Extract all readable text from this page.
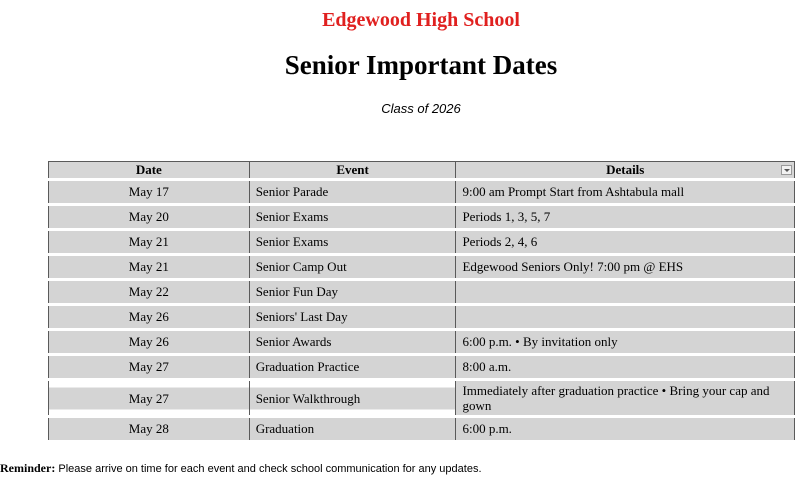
Edgewood High School
Senior Important Dates
Class of 2026
Date	Event	Details

May 17	Senior Parade	9:00 am Prompt Start from Ashtabula mall
May 20	Senior Exams	Periods 1, 3, 5, 7
May 21	Senior Exams	Periods 2, 4, 6
May 21	Senior Camp Out	Edgewood Seniors Only! 7:00 pm @ EHS
May 22	Senior Fun Day	
May 26	Seniors' Last Day	
May 26	Senior Awards	6:00 p.m. • By invitation only
May 27	Graduation Practice	8:00 a.m.
May 27	Senior Walkthrough	Immediately after graduation practice • Bring your cap and gown
May 28	Graduation	6:00 p.m.
Reminder: Please arrive on time for each event and check school communication for any updates.
